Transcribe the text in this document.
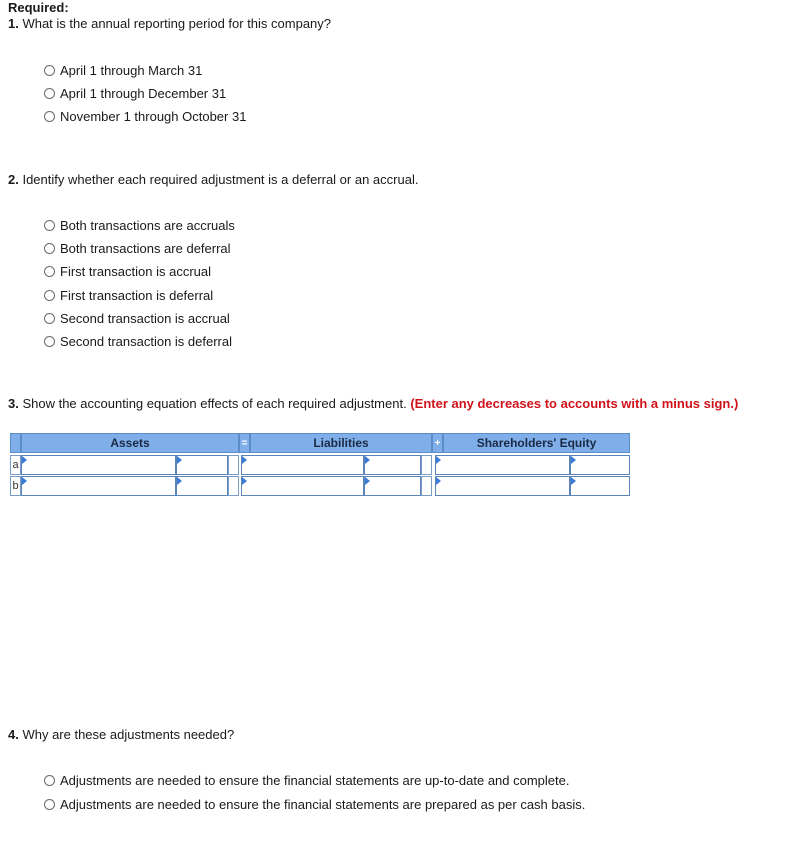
Required:
1. What is the annual reporting period for this company?
April 1 through March 31
April 1 through December 31
November 1 through October 31
2. Identify whether each required adjustment is a deferral or an accrual.
Both transactions are accruals
Both transactions are deferral
First transaction is accrual
First transaction is deferral
Second transaction is accrual
Second transaction is deferral
3. Show the accounting equation effects of each required adjustment. (Enter any decreases to accounts with a minus sign.)
Assets	=	Liabilities	+	Shareholders' Equity
a
b
4. Why are these adjustments needed?
Adjustments are needed to ensure the financial statements are up-to-date and complete.
Adjustments are needed to ensure the financial statements are prepared as per cash basis.
